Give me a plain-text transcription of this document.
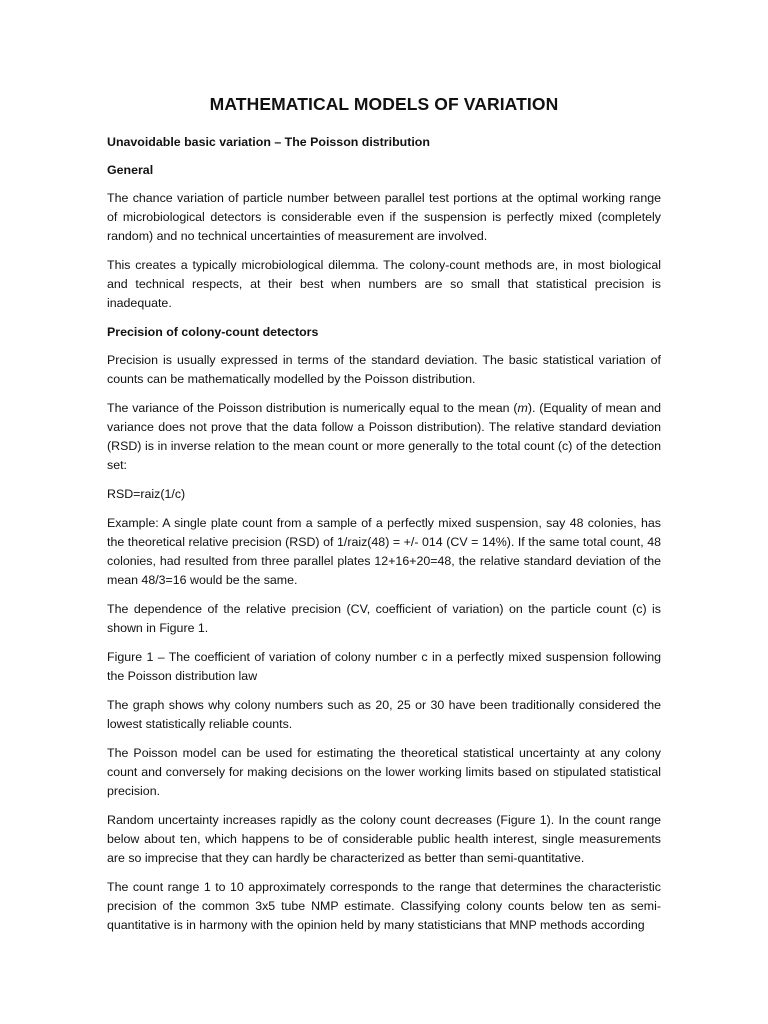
MATHEMATICAL MODELS OF VARIATION
Unavoidable basic variation – The Poisson distribution
General

The chance variation of particle number between parallel test portions at the optimal working range of microbiological detectors is considerable even if the suspension is perfectly mixed (completely random) and no technical uncertainties of measurement are involved.

This creates a typically microbiological dilemma. The colony-count methods are, in most biological and technical respects, at their best when numbers are so small that statistical precision is inadequate.

Precision of colony-count detectors

Precision is usually expressed in terms of the standard deviation. The basic statistical variation of counts can be mathematically modelled by the Poisson distribution.

The variance of the Poisson distribution is numerically equal to the mean (m). (Equality of mean and variance does not prove that the data follow a Poisson distribution). The relative standard deviation (RSD) is in inverse relation to the mean count or more generally to the total count (c) of the detection set:

RSD=raiz(1/c)

Example: A single plate count from a sample of a perfectly mixed suspension, say 48 colonies, has the theoretical relative precision (RSD) of 1/raiz(48) = +/- 014 (CV = 14%). If the same total count, 48 colonies, had resulted from three parallel plates 12+16+20=48, the relative standard deviation of the mean 48/3=16 would be the same.

The dependence of the relative precision (CV, coefficient of variation) on the particle count (c) is shown in Figure 1.

Figure 1 – The coefficient of variation of colony number c in a perfectly mixed suspension following the Poisson distribution law

The graph shows why colony numbers such as 20, 25 or 30 have been traditionally considered the lowest statistically reliable counts.

The Poisson model can be used for estimating the theoretical statistical uncertainty at any colony count and conversely for making decisions on the lower working limits based on stipulated statistical precision.

Random uncertainty increases rapidly as the colony count decreases (Figure 1). In the count range below about ten, which happens to be of considerable public health interest, single measurements are so imprecise that they can hardly be characterized as better than semi-quantitative.

The count range 1 to 10 approximately corresponds to the range that determines the characteristic precision of the common 3x5 tube NMP estimate. Classifying colony counts below ten as semi-quantitative is in harmony with the opinion held by many statisticians that MNP methods according
